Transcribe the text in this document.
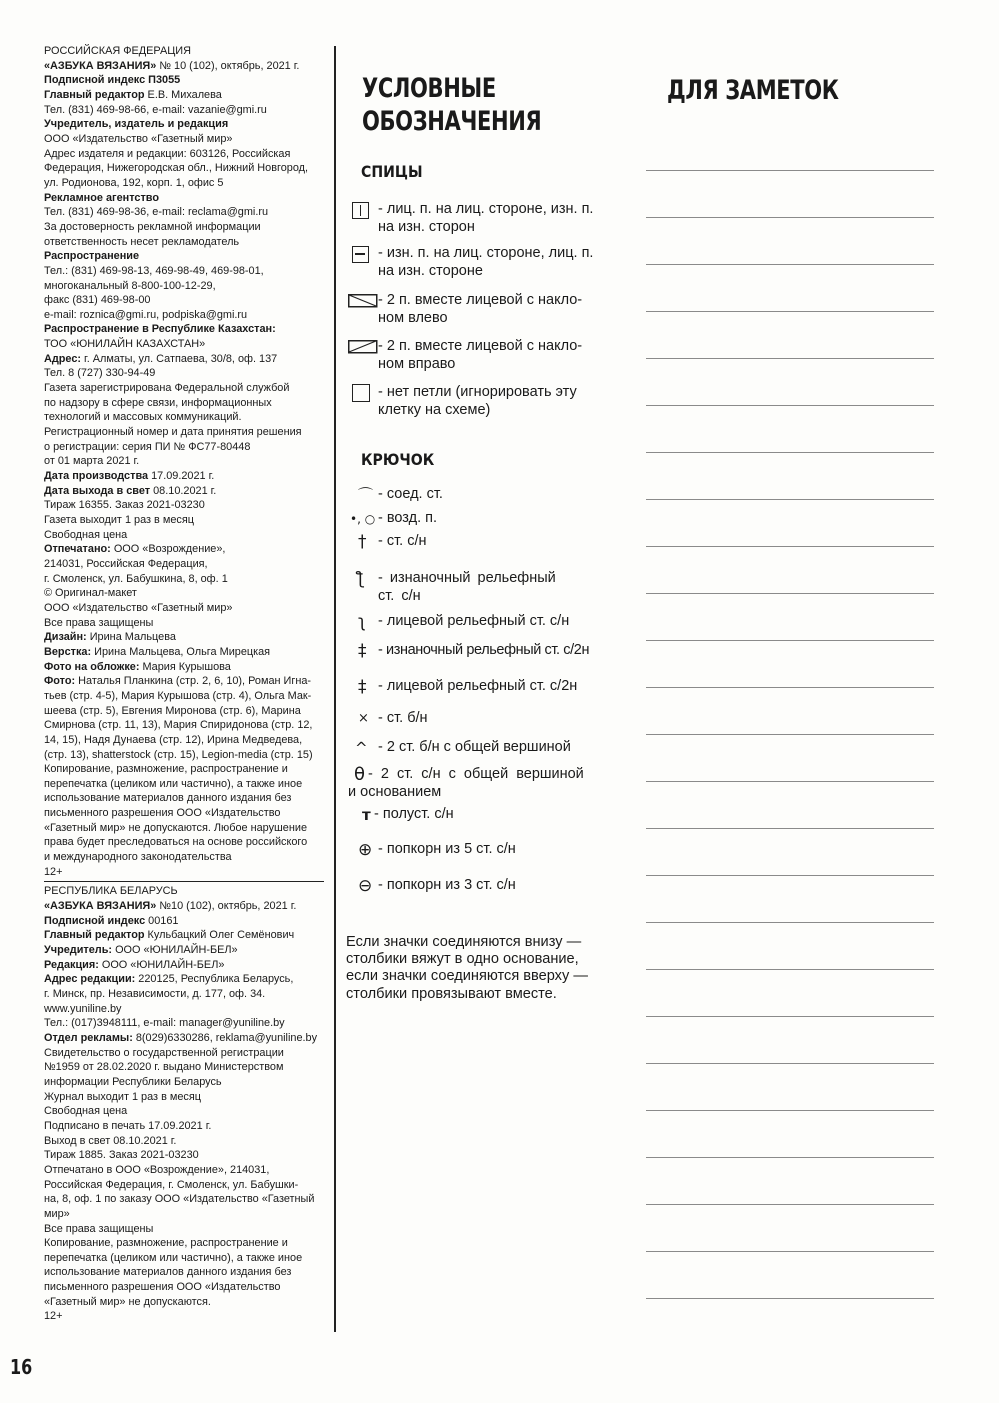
РОССИЙСКАЯ ФЕДЕРАЦИЯ
«АЗБУКА ВЯЗАНИЯ» № 10 (102), октябрь, 2021 г.
Подписной индекс П3055
Главный редактор Е.В. Михалева
Тел. (831) 469-98-66, e-mail: vazanie@gmi.ru
Учредитель, издатель и редакция
ООО «Издательство «Газетный мир»
Адрес издателя и редакции: 603126, Российская
Федерация, Нижегородская обл., Нижний Новгород,
ул. Родионова, 192, корп. 1, офис 5
Рекламное агентство
Тел. (831) 469-98-36, e-mail: reclama@gmi.ru
За достоверность рекламной информации
ответственность несет рекламодатель
Распространение
Тел.: (831) 469-98-13, 469-98-49, 469-98-01,
многоканальный 8-800-100-12-29,
факс (831) 469-98-00
e-mail: roznica@gmi.ru, podpiska@gmi.ru
Распространение в Республике Казахстан:
ТОО «ЮНИЛАЙН КАЗАХСТАН»
Адрес: г. Алматы, ул. Сатпаева, 30/8, оф. 137
Тел. 8 (727) 330-94-49
Газета зарегистрирована Федеральной службой
по надзору в сфере связи, информационных
технологий и массовых коммуникаций.
Регистрационный номер и дата принятия решения
о регистрации: серия ПИ № ФС77-80448
от 01 марта 2021 г.
Дата производства 17.09.2021 г.
Дата выхода в свет 08.10.2021 г.
Тираж 16355. Заказ 2021-03230
Газета выходит 1 раз в месяц
Свободная цена
Отпечатано: ООО «Возрождение»,
214031, Российская Федерация,
г. Смоленск, ул. Бабушкина, 8, оф. 1
© Оригинал-макет
ООО «Издательство «Газетный мир»
Все права защищены
Дизайн: Ирина Мальцева
Верстка: Ирина Мальцева, Ольга Мирецкая
Фото на обложке: Мария Курышова
Фото: Наталья Планкина (стр. 2, 6, 10), Роман Игна-
тьев (стр. 4-5), Мария Курышова (стр. 4), Ольга Мак-
шеева (стр. 5), Евгения Миронова (стр. 6), Марина
Смирнова (стр. 11, 13), Мария Спиридонова (стр. 12,
14, 15), Надя Дунаева (стр. 12), Ирина Медведева,
(стр. 13), shatterstock (стр. 15), Legion-media (стр. 15)
Копирование, размножение, распространение и
перепечатка (целиком или частично), а также иное
использование материалов данного издания без
письменного разрешения ООО «Издательство
«Газетный мир» не допускаются. Любое нарушение
права будет преследоваться на основе российского
и международного законодательства
12+
РЕСПУБЛИКА БЕЛАРУСЬ
«АЗБУКА ВЯЗАНИЯ» №10 (102), октябрь, 2021 г.
Подписной индекс 00161
Главный редактор Кульбацкий Олег Семёнович
Учредитель: ООО «ЮНИЛАЙН-БЕЛ»
Редакция: ООО «ЮНИЛАЙН-БЕЛ»
Адрес редакции: 220125, Республика Беларусь,
г. Минск, пр. Независимости, д. 177, оф. 34.
www.yuniline.by
Тел.: (017)3948111, e-mail: manager@yuniline.by
Отдел рекламы: 8(029)6330286, reklama@yuniline.by
Свидетельство о государственной регистрации
№1959 от 28.02.2020 г. выдано Министерством
информации Республики Беларусь
Журнал выходит 1 раз в месяц
Свободная цена
Подписано в печать 17.09.2021 г.
Выход в свет 08.10.2021 г.
Тираж 1885. Заказ 2021-03230
Отпечатано в ООО «Возрождение», 214031,
Российская Федерация, г. Смоленск, ул. Бабушки-
на, 8, оф. 1 по заказу ООО «Издательство «Газетный
мир»
Все права защищены
Копирование, размножение, распространение и
перепечатка (целиком или частично), а также иное
использование материалов данного издания без
письменного разрешения ООО «Издательство
«Газетный мир» не допускаются.
12+
УСЛОВНЫЕ
ОБОЗНАЧЕНИЯ
СПИЦЫ
- лиц. п. на лиц. стороне, изн. п.
на изн. сторон
- изн. п. на лиц. стороне, лиц. п.
на изн. стороне
- 2 п. вместе лицевой с накло-
ном влево
- 2 п. вместе лицевой с накло-
ном вправо
- нет петли (игнорировать эту
клетку на схеме)
КРЮЧОК
⌒ - соед. ст.
•, ○ - возд. п.
† - ст. с/н
ƪ - изнаночный рельефный
ст. с/н
ʅ - лицевой рельефный ст. с/н
‡ - изнаночный рельефный ст. с/2н
‡ - лицевой рельефный ст. с/2н
× - ст. б/н
^ - 2 ст. б/н с общей вершиной
θ - 2 ст. с/н с общей вершиной
и основанием
т - полуст. с/н
⊕ - попкорн из 5 ст. с/н
⊖ - попкорн из 3 ст. с/н
Если значки соединяются внизу —
столбики вяжут в одно основание,
если значки соединяются вверху —
столбики провязывают вместе.
ДЛЯ ЗАМЕТОК
16
